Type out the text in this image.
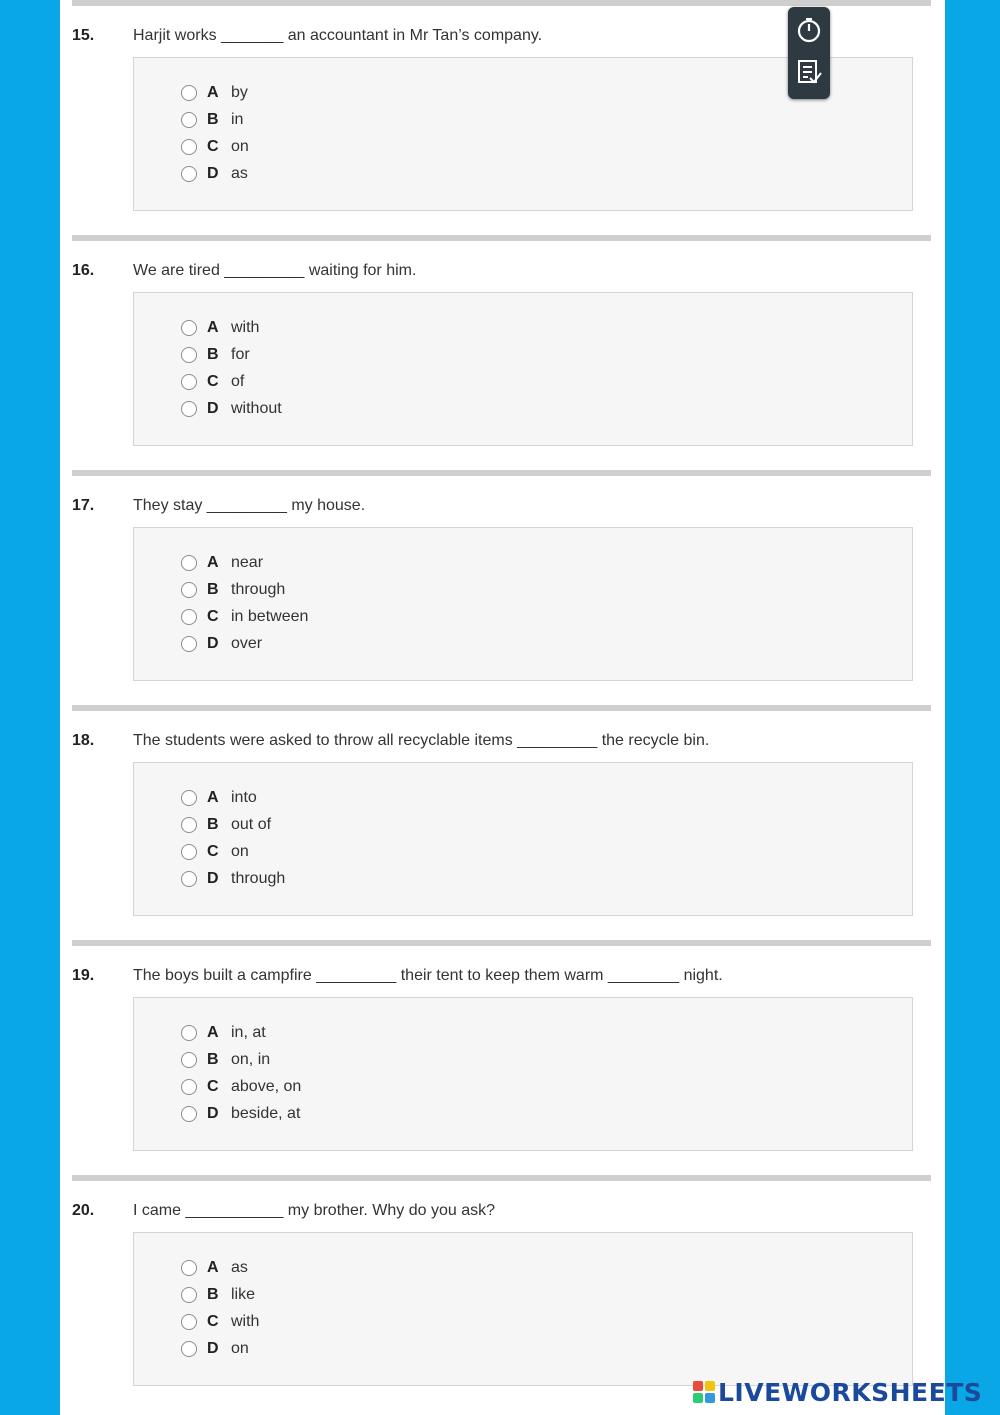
15. Harjit works _______ an accountant in Mr Tan’s company.
A by
B in
C on
D as
16. We are tired _________ waiting for him.
A with
B for
C of
D without
17. They stay _________ my house.
A near
B through
C in between
D over
18. The students were asked to throw all recyclable items _________ the recycle bin.
A into
B out of
C on
D through
19. The boys built a campfire _________ their tent to keep them warm ________ night.
A in, at
B on, in
C above, on
D beside, at
20. I came ___________ my brother. Why do you ask?
A as
B like
C with
D on
LIVEWORKSHEETS
